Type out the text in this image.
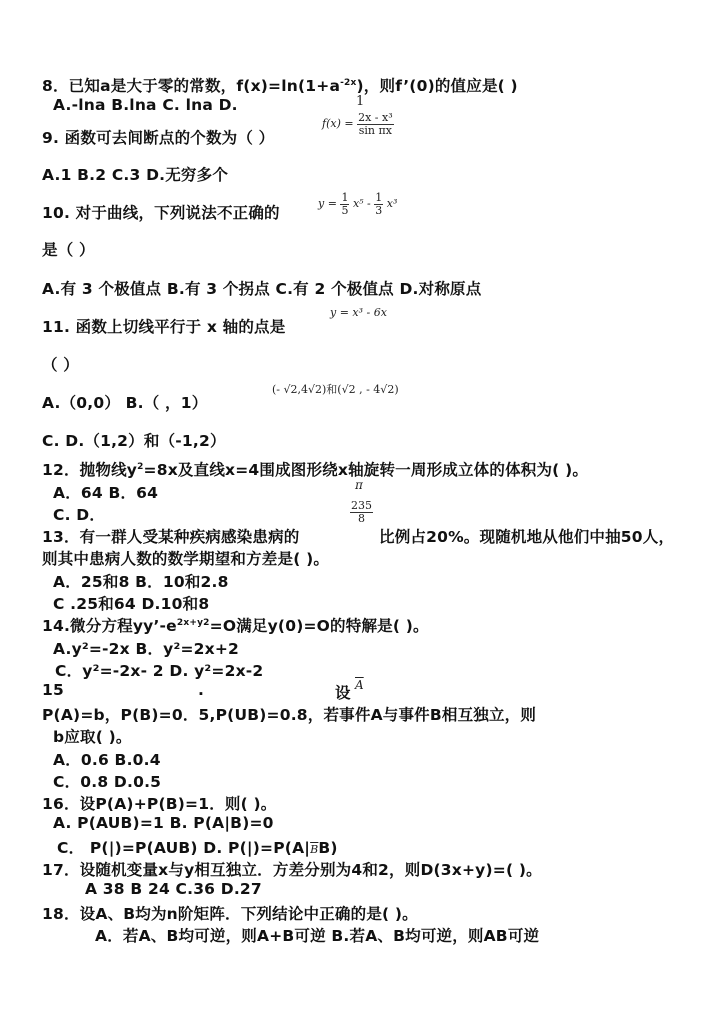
8．已知a是大于零的常数，$f(x)=\ln(1+a^{-2x})$，则f’(0)的值应是( )
A.-lna B.lna C. lna D.	1
9. 函数可去间断点的个数为（ ）
$f(x) = \frac{\text{2x - x³}}{\text{sin πx}}$
A.1 B.2 C.3 D.无穷多个
10. 对于曲线，下列说法不正确的
$y = \frac{1}{5} x^5 - \frac{1}{3} x^3$
是（ ）
A.有 3 个极值点 B.有 3 个拐点 C.有 2 个极值点 D.对称原点
11. 函数上切线平行于 x 轴的点是
y = x³ - 6x
（ ）
A.（0,0） B.（ ，1）
(- √2,4√2)和(√2 , - 4√2)
C. D.（1,2）和（-1,2）
12．抛物线$y^2=8x$及直线x=4围成图形绕x轴旋转一周形成立体的体积为( )。
A．64 B．64	π
C. D．	$\frac{235}{8}$
13．有一群人受某种疾病感染患病的	比例占20%。现随机地从他们中抽50人，
则其中患病人数的数学期望和方差是( )。
A．25和8 B．10和2.8
C .25和64 D.10和8
14.微分方程$yy’-e^{2x+y2}=O$满足y(0)=O的特解是( )。
A.y²=-2x B．y²=2x+2
C．y²=-2x- 2 D. y²=2x-2
15	.	设 $\overline{A}$
P(A)=b，P(B)=0．5,P(UB)=0.8，若事件A与事件B相互独立，则
b应取( )。
A．0.6 B.0.4
C．0.8 D.0.5
16．设P(A)+P(B)=1．则( )。
A. P(AUB)=1 B. P(A|B)=0
C． P(|)=P(AUB) D. $P(|)=P(A|\overline{B}B)$
17．设随机变量x与y相互独立．方差分别为4和2，则D(3x+y)=( )。
A 38 B 24 C.36 D.27
18．设A、B均为n阶矩阵．下列结论中正确的是( )。
A．若A、B均可逆，则A+B可逆 B.若A、B均可逆，则AB可逆
